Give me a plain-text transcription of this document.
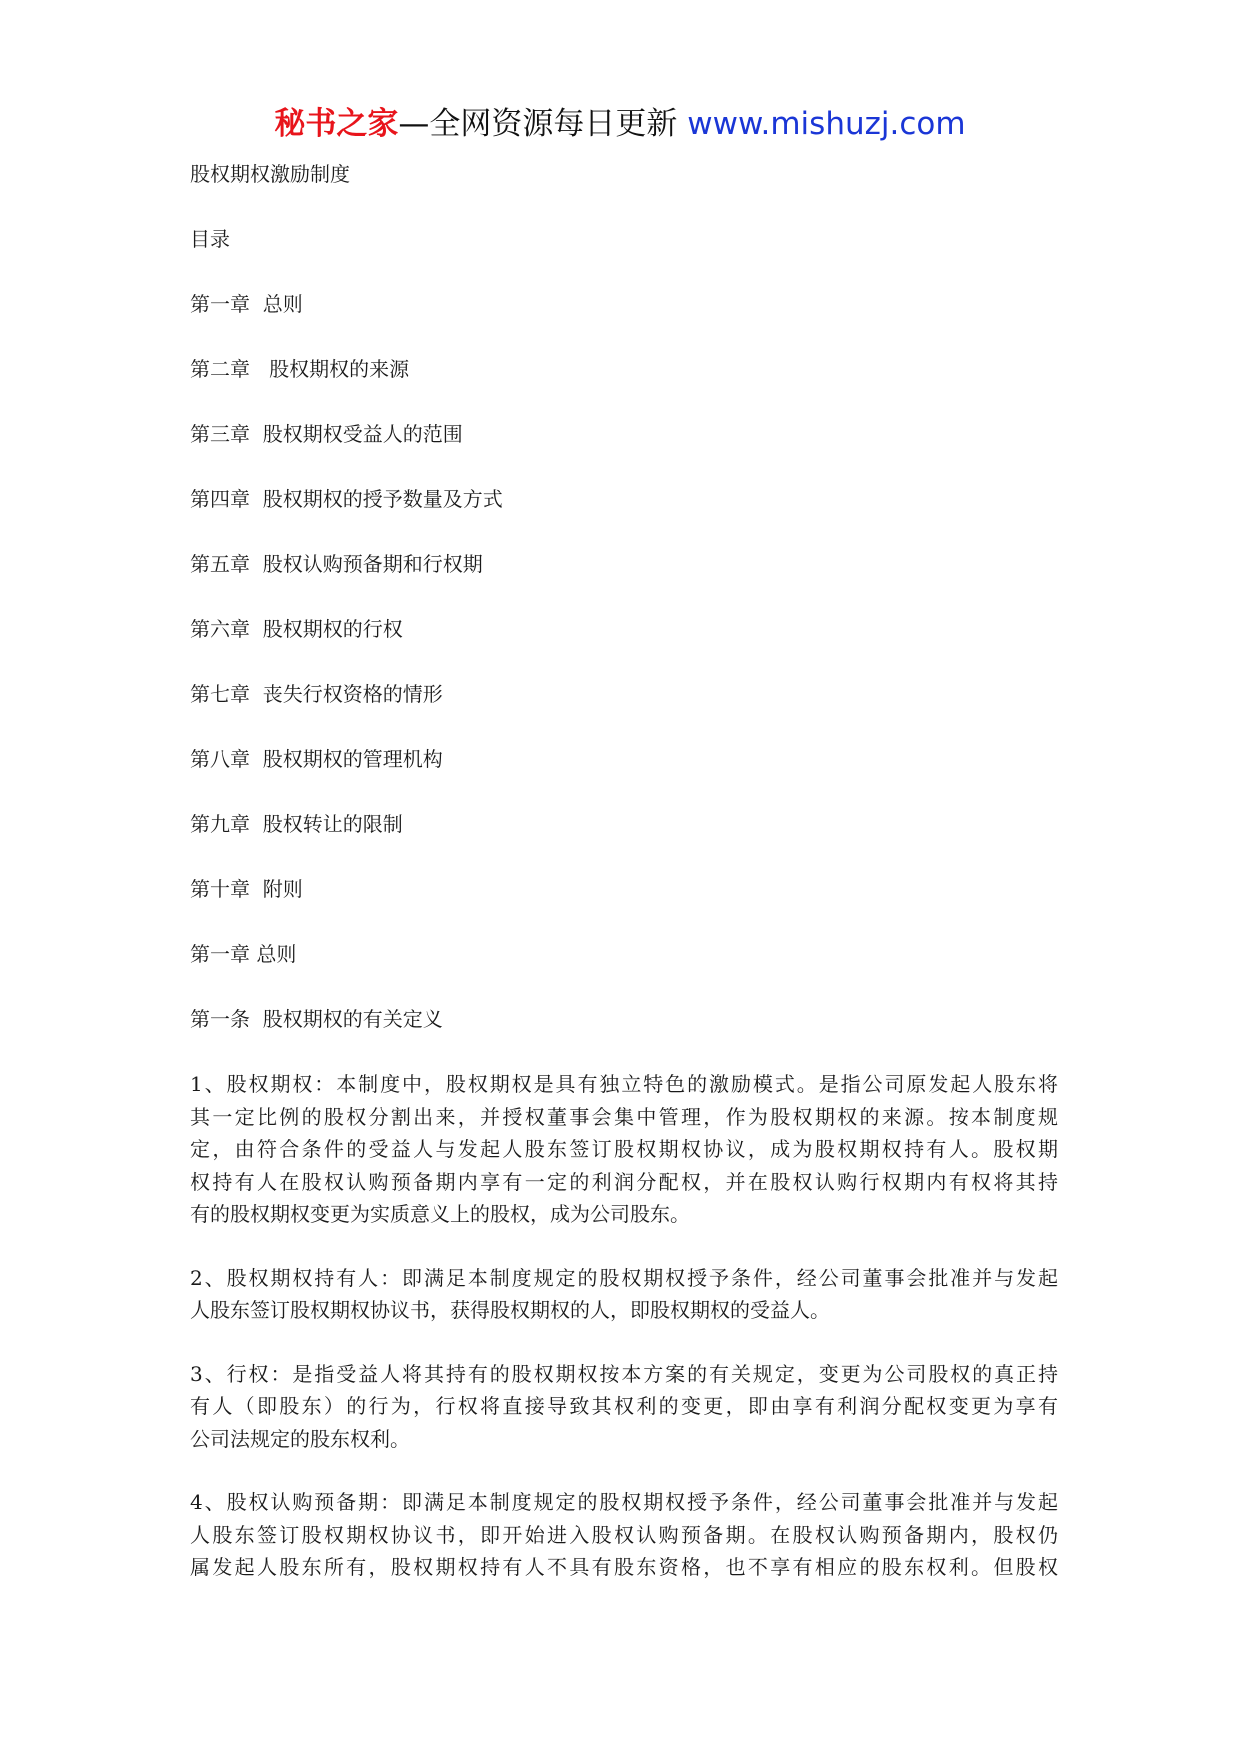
秘书之家—全网资源每日更新 www.mishuzj.com
股权期权激励制度
目录
第一章  总则
第二章   股权期权的来源
第三章  股权期权受益人的范围
第四章  股权期权的授予数量及方式
第五章  股权认购预备期和行权期
第六章  股权期权的行权
第七章  丧失行权资格的情形
第八章  股权期权的管理机构
第九章  股权转让的限制
第十章  附则
第一章 总则
第一条  股权期权的有关定义
1、股权期权：本制度中，股权期权是具有独立特色的激励模式。是指公司原发起人股东将
其一定比例的股权分割出来，并授权董事会集中管理，作为股权期权的来源。按本制度规
定，由符合条件的受益人与发起人股东签订股权期权协议，成为股权期权持有人。股权期
权持有人在股权认购预备期内享有一定的利润分配权，并在股权认购行权期内有权将其持
有的股权期权变更为实质意义上的股权，成为公司股东。
2、股权期权持有人：即满足本制度规定的股权期权授予条件，经公司董事会批准并与发起
人股东签订股权期权协议书，获得股权期权的人，即股权期权的受益人。
3、行权：是指受益人将其持有的股权期权按本方案的有关规定，变更为公司股权的真正持
有人（即股东）的行为，行权将直接导致其权利的变更，即由享有利润分配权变更为享有
公司法规定的股东权利。
4、股权认购预备期：即满足本制度规定的股权期权授予条件，经公司董事会批准并与发起
人股东签订股权期权协议书，即开始进入股权认购预备期。在股权认购预备期内，股权仍
属发起人股东所有，股权期权持有人不具有股东资格，也不享有相应的股东权利。但股权
